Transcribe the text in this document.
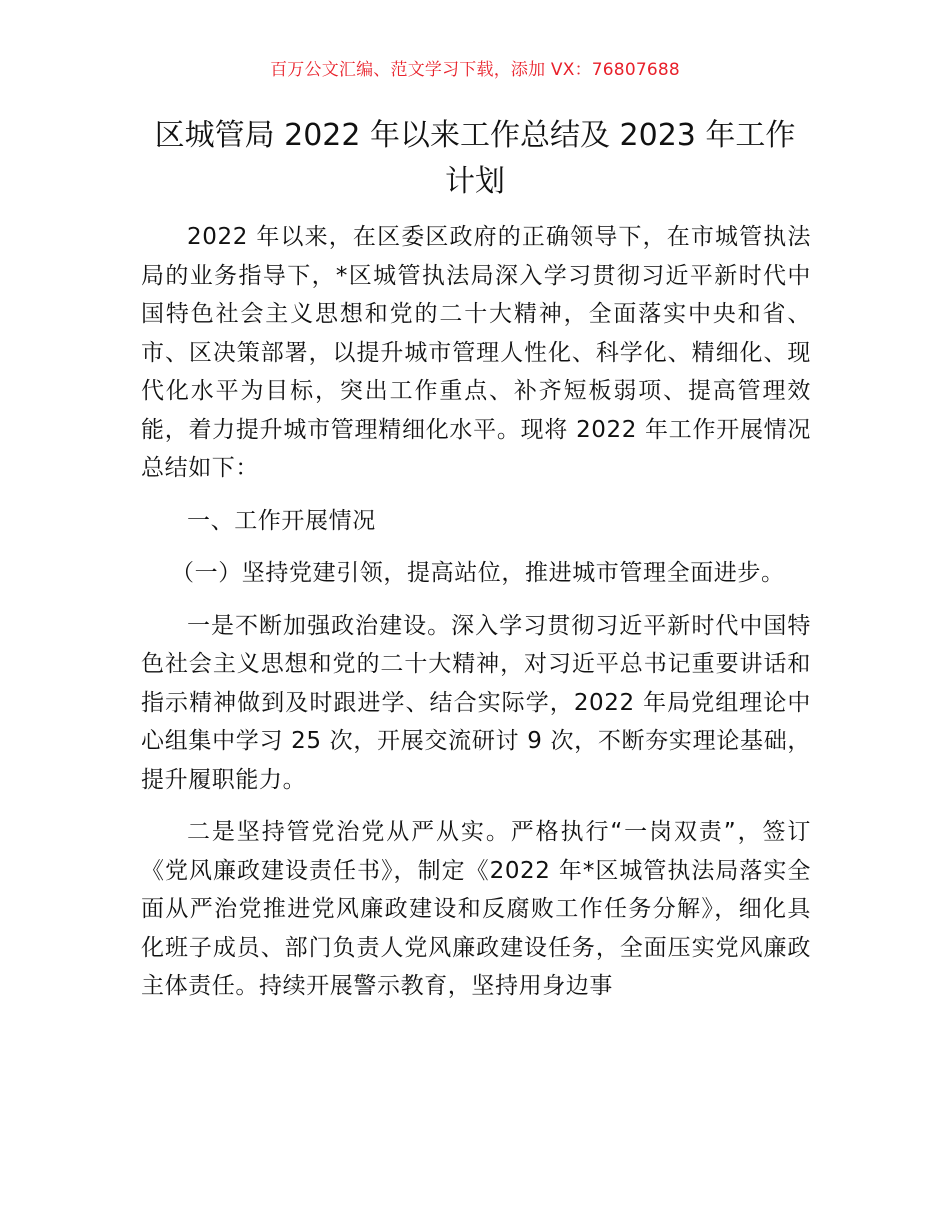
百万公文汇编、范文学习下载，添加 VX：76807688
区城管局 2022 年以来工作总结及 2023 年工作计划

2022 年以来，在区委区政府的正确领导下，在市城管执法局的业务指导下，*区城管执法局深入学习贯彻习近平新时代中国特色社会主义思想和党的二十大精神，全面落实中央和省、市、区决策部署，以提升城市管理人性化、科学化、精细化、现代化水平为目标，突出工作重点、补齐短板弱项、提高管理效能，着力提升城市管理精细化水平。现将 2022 年工作开展情况总结如下：

一、工作开展情况

（一）坚持党建引领，提高站位，推进城市管理全面进步。

一是不断加强政治建设。深入学习贯彻习近平新时代中国特色社会主义思想和党的二十大精神，对习近平总书记重要讲话和指示精神做到及时跟进学、结合实际学，2022 年局党组理论中心组集中学习 25 次，开展交流研讨 9 次，不断夯实理论基础，提升履职能力。

二是坚持管党治党从严从实。严格执行“一岗双责”，签订《党风廉政建设责任书》，制定《2022 年*区城管执法局落实全面从严治党推进党风廉政建设和反腐败工作任务分解》，细化具化班子成员、部门负责人党风廉政建设任务，全面压实党风廉政主体责任。持续开展警示教育，坚持用身边事
